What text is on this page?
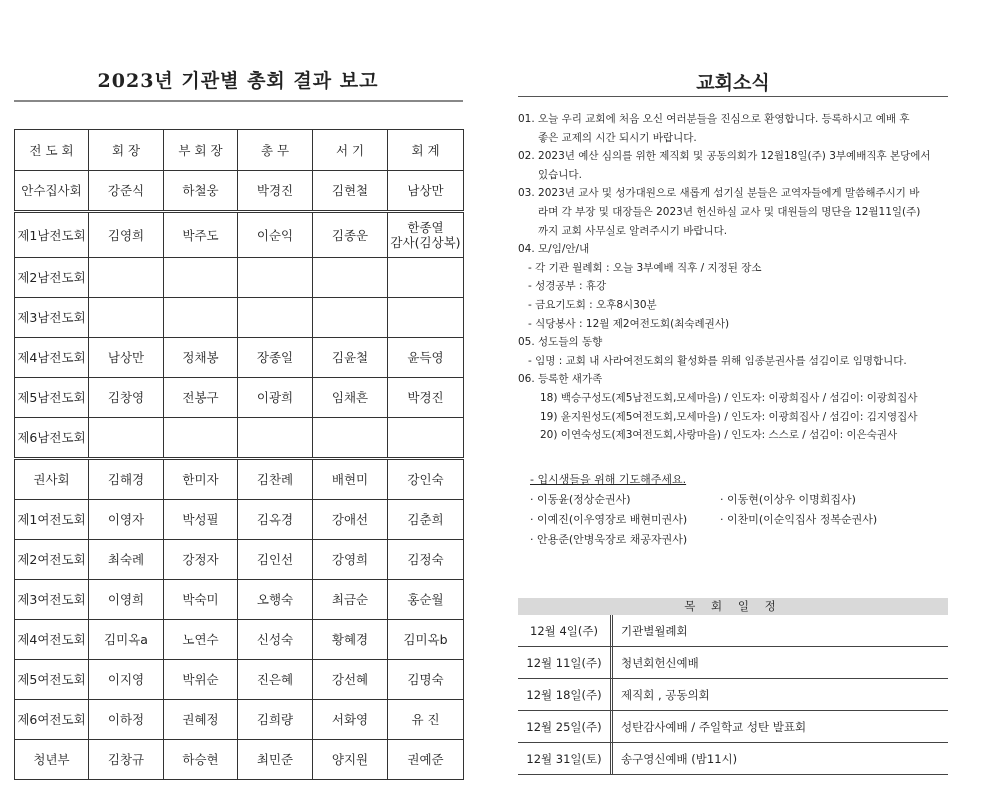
2023년 기관별 총회 결과 보고
전 도 회	회 장	부 회 장	총 무	서 기	회 계
안수집사회	강준식	하철웅	박경진	김현철	남상만
제1남전도회	김영희	박주도	이순익	김종운	한종열
감사(김상복)
제2남전도회					
제3남전도회					
제4남전도회	남상만	정채봉	장종일	김윤철	윤득영
제5남전도회	김창영	전봉구	이광희	임채흔	박경진
제6남전도회					
권사회	김해경	한미자	김찬례	배현미	강인숙
제1여전도회	이영자	박성필	김옥경	강애선	김춘희
제2여전도회	최숙례	강정자	김인선	강영희	김정숙
제3여전도회	이영희	박숙미	오행숙	최금순	홍순월
제4여전도회	김미옥a	노연수	신성숙	황혜경	김미옥b
제5여전도회	이지영	박위순	진은혜	강선혜	김명숙
제6여전도회	이하정	권혜정	김희량	서화영	유 진
청년부	김창규	하승현	최민준	양지원	권예준
교회소식
01. 오늘 우리 교회에 처음 오신 여러분들을 진심으로 환영합니다. 등록하시고 예배 후
좋은 교제의 시간 되시기 바랍니다.
02. 2023년 예산 심의를 위한 제직회 및 공동의회가 12월18일(주) 3부예배직후 본당에서
있습니다.
03. 2023년 교사 및 성가대원으로 새롭게 섬기실 분들은 교역자들에게 말씀해주시기 바
라며 각 부장 및 대장들은 2023년 헌신하실 교사 및 대원들의 명단을 12월11일(주)
까지 교회 사무실로 알려주시기 바랍니다.
04. 모/임/안/내
- 각 기관 월례회 : 오늘 3부예배 직후 / 지정된 장소
- 성경공부 : 휴강
- 금요기도회 : 오후8시30분
- 식당봉사 : 12월 제2여전도회(최숙례권사)
05. 성도들의 동향
- 임명 : 교회 내 사라여전도회의 활성화를 위해 임종분권사를 섬김이로 임명합니다.
06. 등록한 새가족
18) 백승구성도(제5남전도회,모세마을) / 인도자: 이광희집사 / 섬김이: 이광희집사
19) 윤지원성도(제5여전도회,모세마을) / 인도자: 이광희집사 / 섬김이: 김지영집사
20) 이연숙성도(제3여전도회,사랑마을) / 인도자: 스스로 / 섬김이: 이은숙권사
- 입시생들을 위해 기도해주세요.
· 이동윤(정상순권사)	· 이동현(이상우 이명희집사)
· 이예진(이우영장로 배현미권사)	· 이찬미(이순익집사 정복순권사)
· 안용준(안병욱장로 채공자권사)
목 회 일 정
12월 4일(주)	기관별월례회
12월 11일(주)	청년회헌신예배
12월 18일(주)	제직회 , 공동의회
12월 25일(주)	성탄감사예배 / 주일학교 성탄 발표회
12월 31일(토)	송구영신예배 (밤11시)
